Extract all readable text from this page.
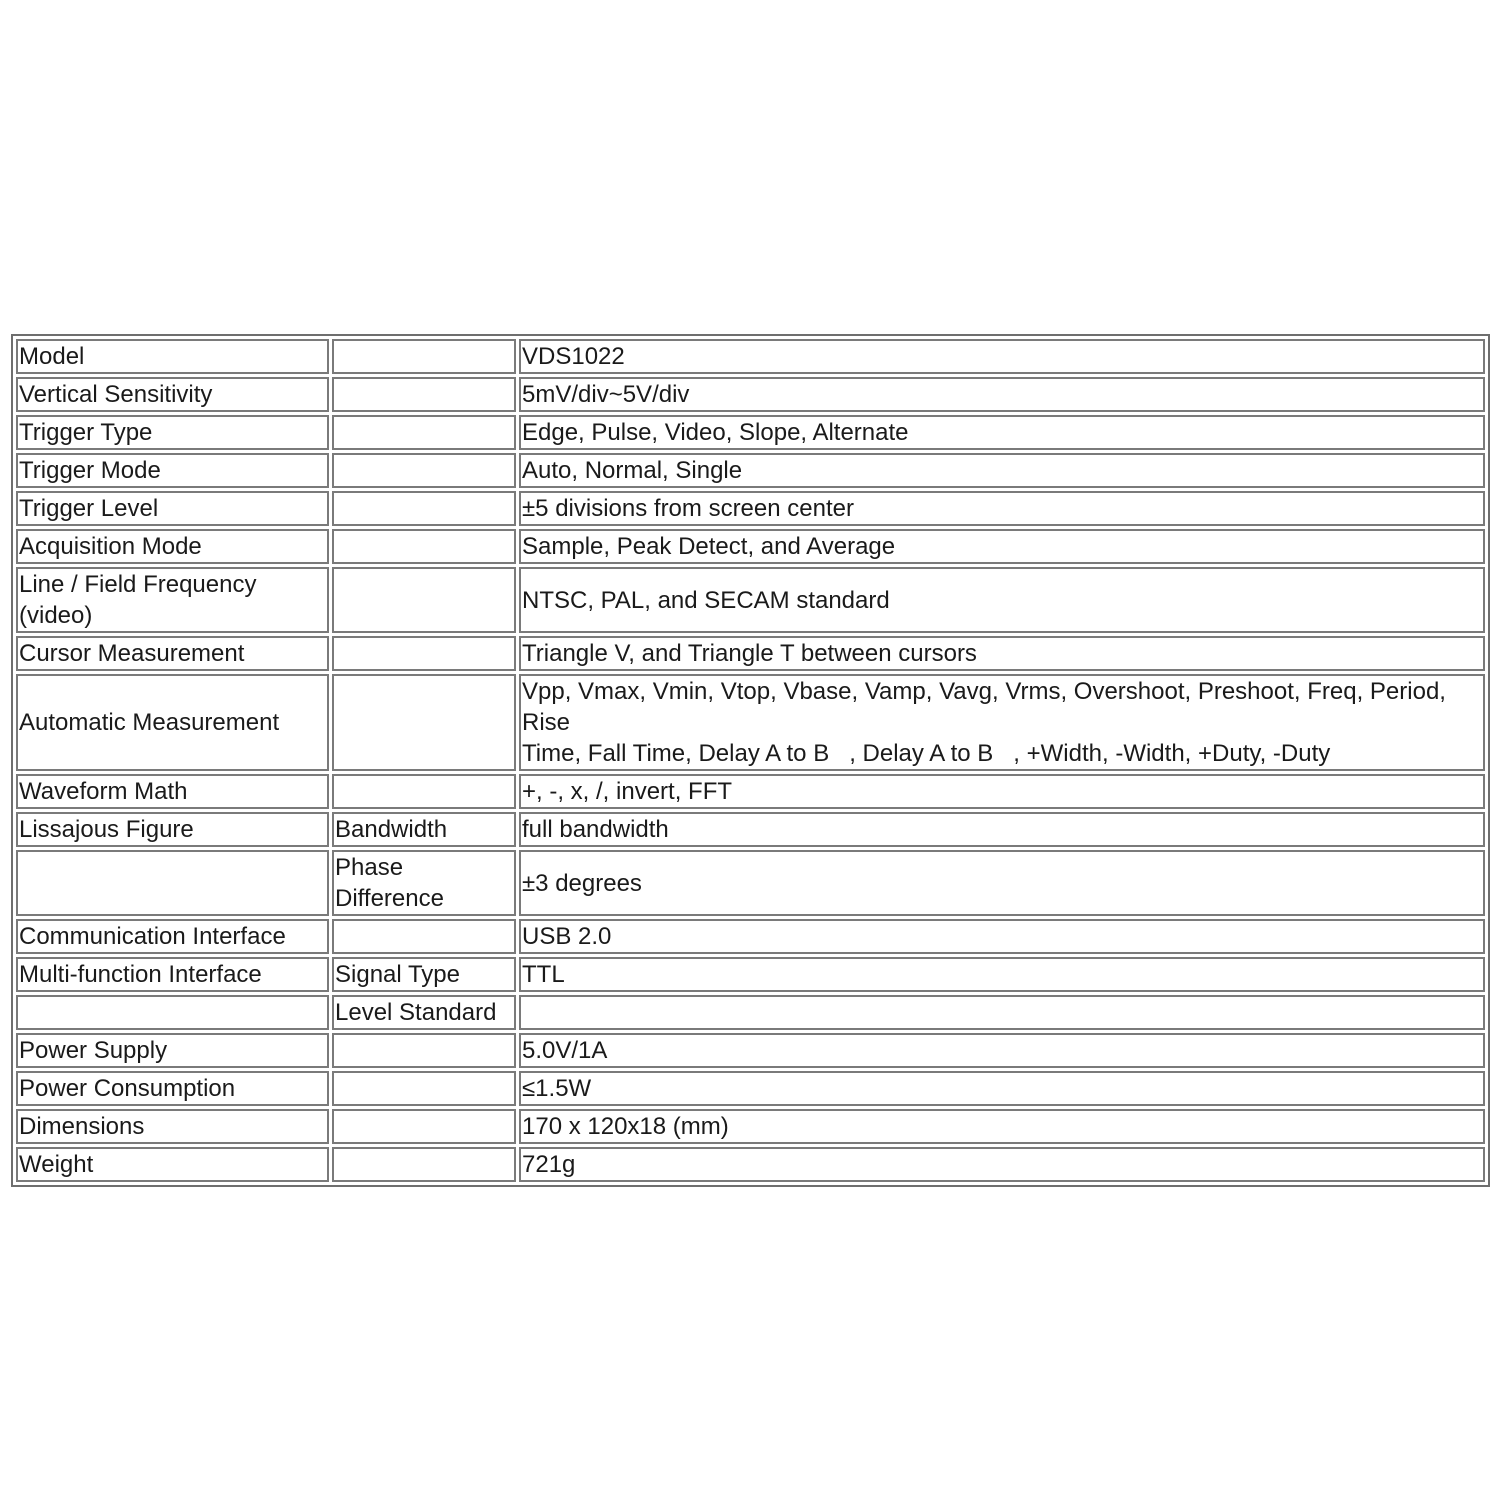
Model		VDS1022
Vertical Sensitivity		5mV/div~5V/div
Trigger Type		Edge, Pulse, Video, Slope, Alternate
Trigger Mode		Auto, Normal, Single
Trigger Level		±5 divisions from screen center
Acquisition Mode		Sample, Peak Detect, and Average
Line / Field Frequency (video)		NTSC, PAL, and SECAM standard
Cursor Measurement		Triangle V, and Triangle T between cursors
Automatic Measurement		Vpp, Vmax, Vmin, Vtop, Vbase, Vamp, Vavg, Vrms, Overshoot, Preshoot, Freq, Period, Rise
Time, Fall Time, Delay A to B   , Delay A to B   , +Width, -Width, +Duty, -Duty

Waveform Math		+, -, x, /, invert, FFT
Lissajous Figure	Bandwidth	full bandwidth
	Phase Difference	±3 degrees
Communication Interface		USB 2.0
Multi-function Interface	Signal Type	TTL
	Level Standard	
Power Supply		5.0V/1A
Power Consumption		≤1.5W
Dimensions		170 x 120x18 (mm)
Weight		721g
